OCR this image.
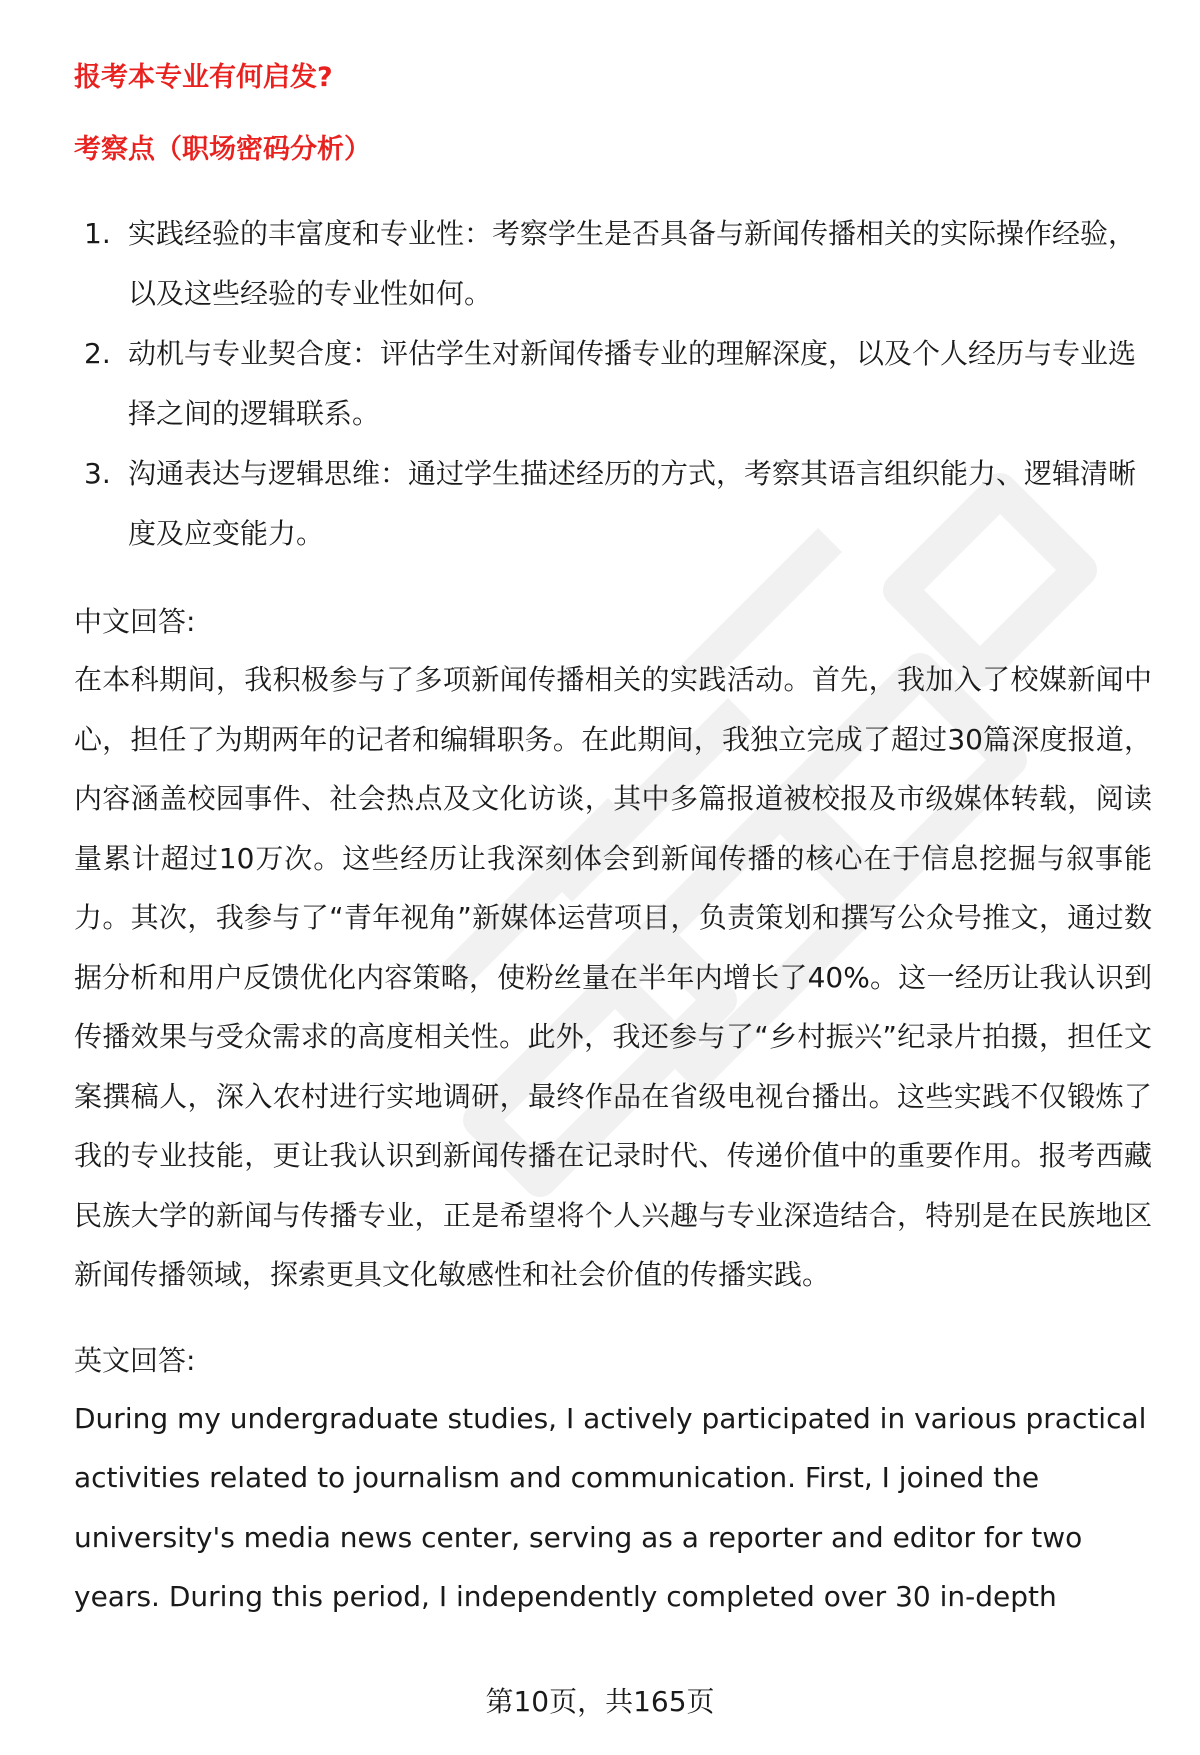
报考本专业有何启发?
考察点（职场密码分析）
1. 实践经验的丰富度和专业性：考察学生是否具备与新闻传播相关的实际操作经验，以及这些经验的专业性如何。
2. 动机与专业契合度：评估学生对新闻传播专业的理解深度，以及个人经历与专业选择之间的逻辑联系。
3. 沟通表达与逻辑思维：通过学生描述经历的方式，考察其语言组织能力、逻辑清晰度及应变能力。

中文回答:

在本科期间，我积极参与了多项新闻传播相关的实践活动。首先，我加入了校媒新闻中心，担任了为期两年的记者和编辑职务。在此期间，我独立完成了超过30篇深度报道，内容涵盖校园事件、社会热点及文化访谈，其中多篇报道被校报及市级媒体转载，阅读量累计超过10万次。这些经历让我深刻体会到新闻传播的核心在于信息挖掘与叙事能力。其次，我参与了“青年视角”新媒体运营项目，负责策划和撰写公众号推文，通过数据分析和用户反馈优化内容策略，使粉丝量在半年内增长了40%。这一经历让我认识到传播效果与受众需求的高度相关性。此外，我还参与了“乡村振兴”纪录片拍摄，担任文案撰稿人，深入农村进行实地调研，最终作品在省级电视台播出。这些实践不仅锻炼了我的专业技能，更让我认识到新闻传播在记录时代、传递价值中的重要作用。报考西藏民族大学的新闻与传播专业，正是希望将个人兴趣与专业深造结合，特别是在民族地区新闻传播领域，探索更具文化敏感性和社会价值的传播实践。

英文回答:

During my undergraduate studies, I actively participated in various practical
activities related to journalism and communication. First, I joined the
university's media news center, serving as a reporter and editor for two
years. During this period, I independently completed over 30 in-depth

第10页，共165页
